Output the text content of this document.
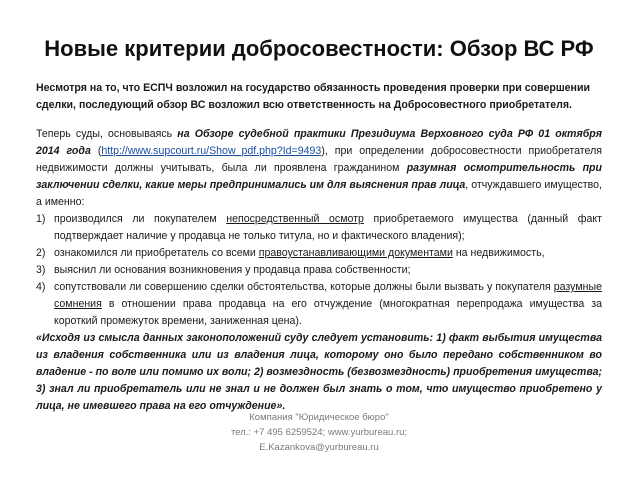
Новые критерии добросовестности: Обзор ВС РФ

Несмотря на то, что ЕСПЧ возложил на государство обязанность проведения проверки при совершении сделки, последующий обзор ВС возложил всю ответственность на Добросовестного приобретателя.

Теперь суды, основываясь на Обзоре судебной практики Президиума Верховного суда РФ 01 октября 2014 года (http://www.supcourt.ru/Show_pdf.php?Id=9493), при определении добросовестности приобретателя недвижимости должны учитывать, была ли проявлена гражданином разумная осмотрительность при заключении сделки, какие меры предпринимались им для выяснения прав лица, отчуждавшего имущество, а именно:

1) производился ли покупателем непосредственный осмотр приобретаемого имущества (данный факт подтверждает наличие у продавца не только титула, но и фактического владения);
2) ознакомился ли приобретатель со всеми правоустанавливающими документами на недвижимость,
3) выяснил ли основания возникновения у продавца права собственности;
4) сопутствовали ли совершению сделки обстоятельства, которые должны были вызвать у покупателя разумные сомнения в отношении права продавца на его отчуждение (многократная перепродажа имущества за короткий промежуток времени, заниженная цена).

«Исходя из смысла данных законоположений суду следует установить: 1) факт выбытия имущества из владения собственника или из владения лица, которому оно было передано собственником во владение - по воле или помимо их воли; 2) возмездность (безвозмездность) приобретения имущества; 3) знал ли приобретатель или не знал и не должен был знать о том, что имущество приобретено у лица, не имевшего права на его отчуждение».

Компания "Юридическое бюро"
тел.: +7 495 6259524; www.yurbureau.ru;
E.Kazankova@yurbureau.ru
